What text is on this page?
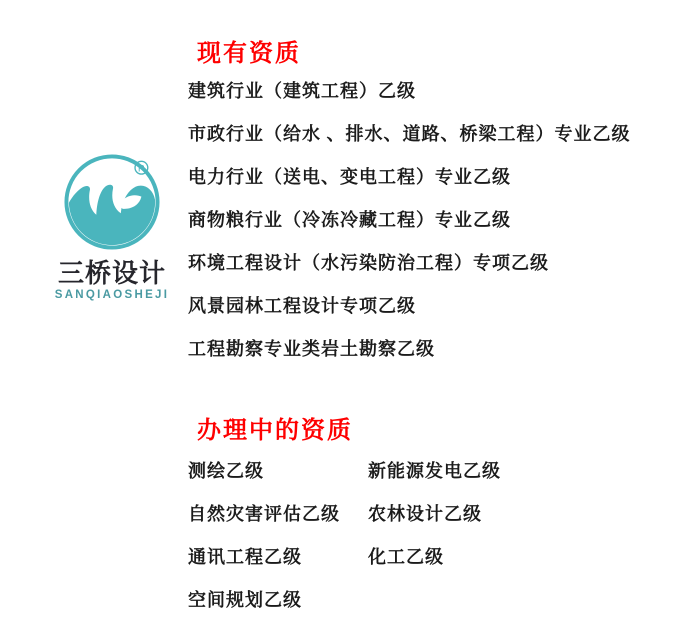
R
三桥设计
SANQIAOSHEJI
现有资质
建筑行业（建筑工程）乙级
市政行业（给水 、排水、道路、桥梁工程）专业乙级
电力行业（送电、变电工程）专业乙级
商物粮行业（冷冻冷藏工程）专业乙级
环境工程设计（水污染防治工程）专项乙级
风景园林工程设计专项乙级
工程勘察专业类岩土勘察乙级
办理中的资质
测绘乙级	新能源发电乙级
自然灾害评估乙级	农林设计乙级
通讯工程乙级	化工乙级
空间规划乙级
